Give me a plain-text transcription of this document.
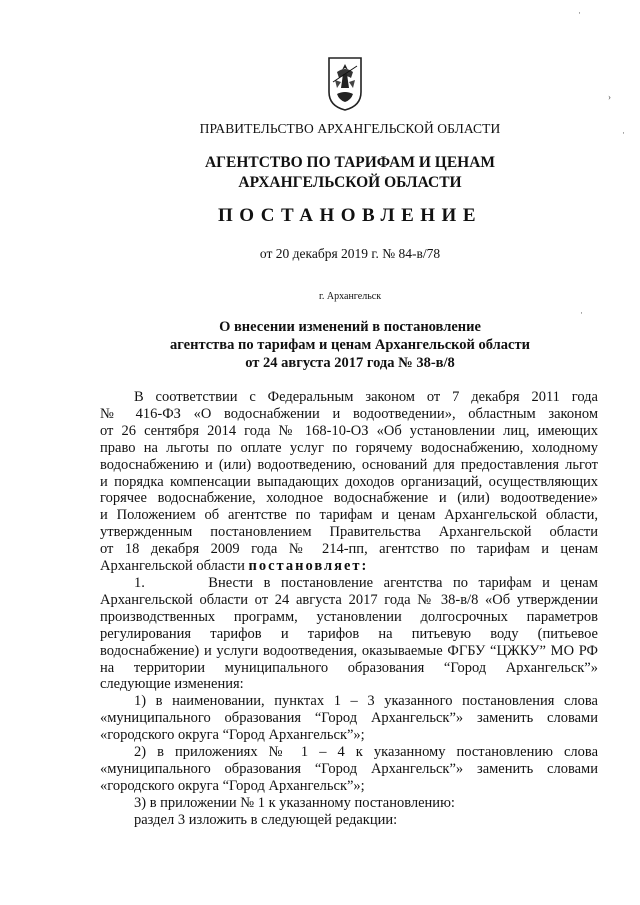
ПРАВИТЕЛЬСТВО АРХАНГЕЛЬСКОЙ ОБЛАСТИ
АГЕНТСТВО ПО ТАРИФАМ И ЦЕНАМ
АРХАНГЕЛЬСКОЙ ОБЛАСТИ
ПОСТАНОВЛЕНИЕ
от 20 декабря 2019 г. № 84-в/78
г. Архангельск
О внесении изменений в постановление
агентства по тарифам и ценам Архангельской области
от 24 августа 2017 года № 38-в/8

В соответствии с Федеральным законом от 7 декабря 2011 года

№ 416-ФЗ «О водоснабжении и водоотведении», областным законом

от 26 сентября 2014 года № 168-10-ОЗ «Об установлении лиц, имеющих

право на льготы по оплате услуг по горячему водоснабжению, холодному

водоснабжению и (или) водоотведению, оснований для предоставления льгот

и порядка компенсации выпадающих доходов организаций, осуществляющих

горячее водоснабжение, холодное водоснабжение и (или) водоотведение»

и Положением об агентстве по тарифам и ценам Архангельской области,

утвержденным постановлением Правительства Архангельской области

от 18 декабря 2009 года № 214-пп, агентство по тарифам и ценам

Архангельской области постановляет:

1.      Внести в постановление агентства по тарифам и ценам

Архангельской области от 24 августа 2017 года № 38-в/8 «Об утверждении

производственных программ, установлении долгосрочных параметров

регулирования тарифов и тарифов на питьевую воду (питьевое

водоснабжение) и услуги водоотведения, оказываемые ФГБУ “ЦЖКУ” МО РФ

на территории муниципального образования “Город Архангельск”»

следующие изменения:

1) в наименовании, пунктах 1 – 3 указанного постановления слова

«муниципального образования “Город Архангельск”» заменить словами

«городского округа “Город Архангельск”»;

2) в приложениях № 1 – 4 к указанному постановлению слова

«муниципального образования “Город Архангельск”» заменить словами

«городского округа “Город Архангельск”»;

3) в приложении № 1 к указанному постановлению:

раздел 3 изложить в следующей редакции:

·
›
·
·
